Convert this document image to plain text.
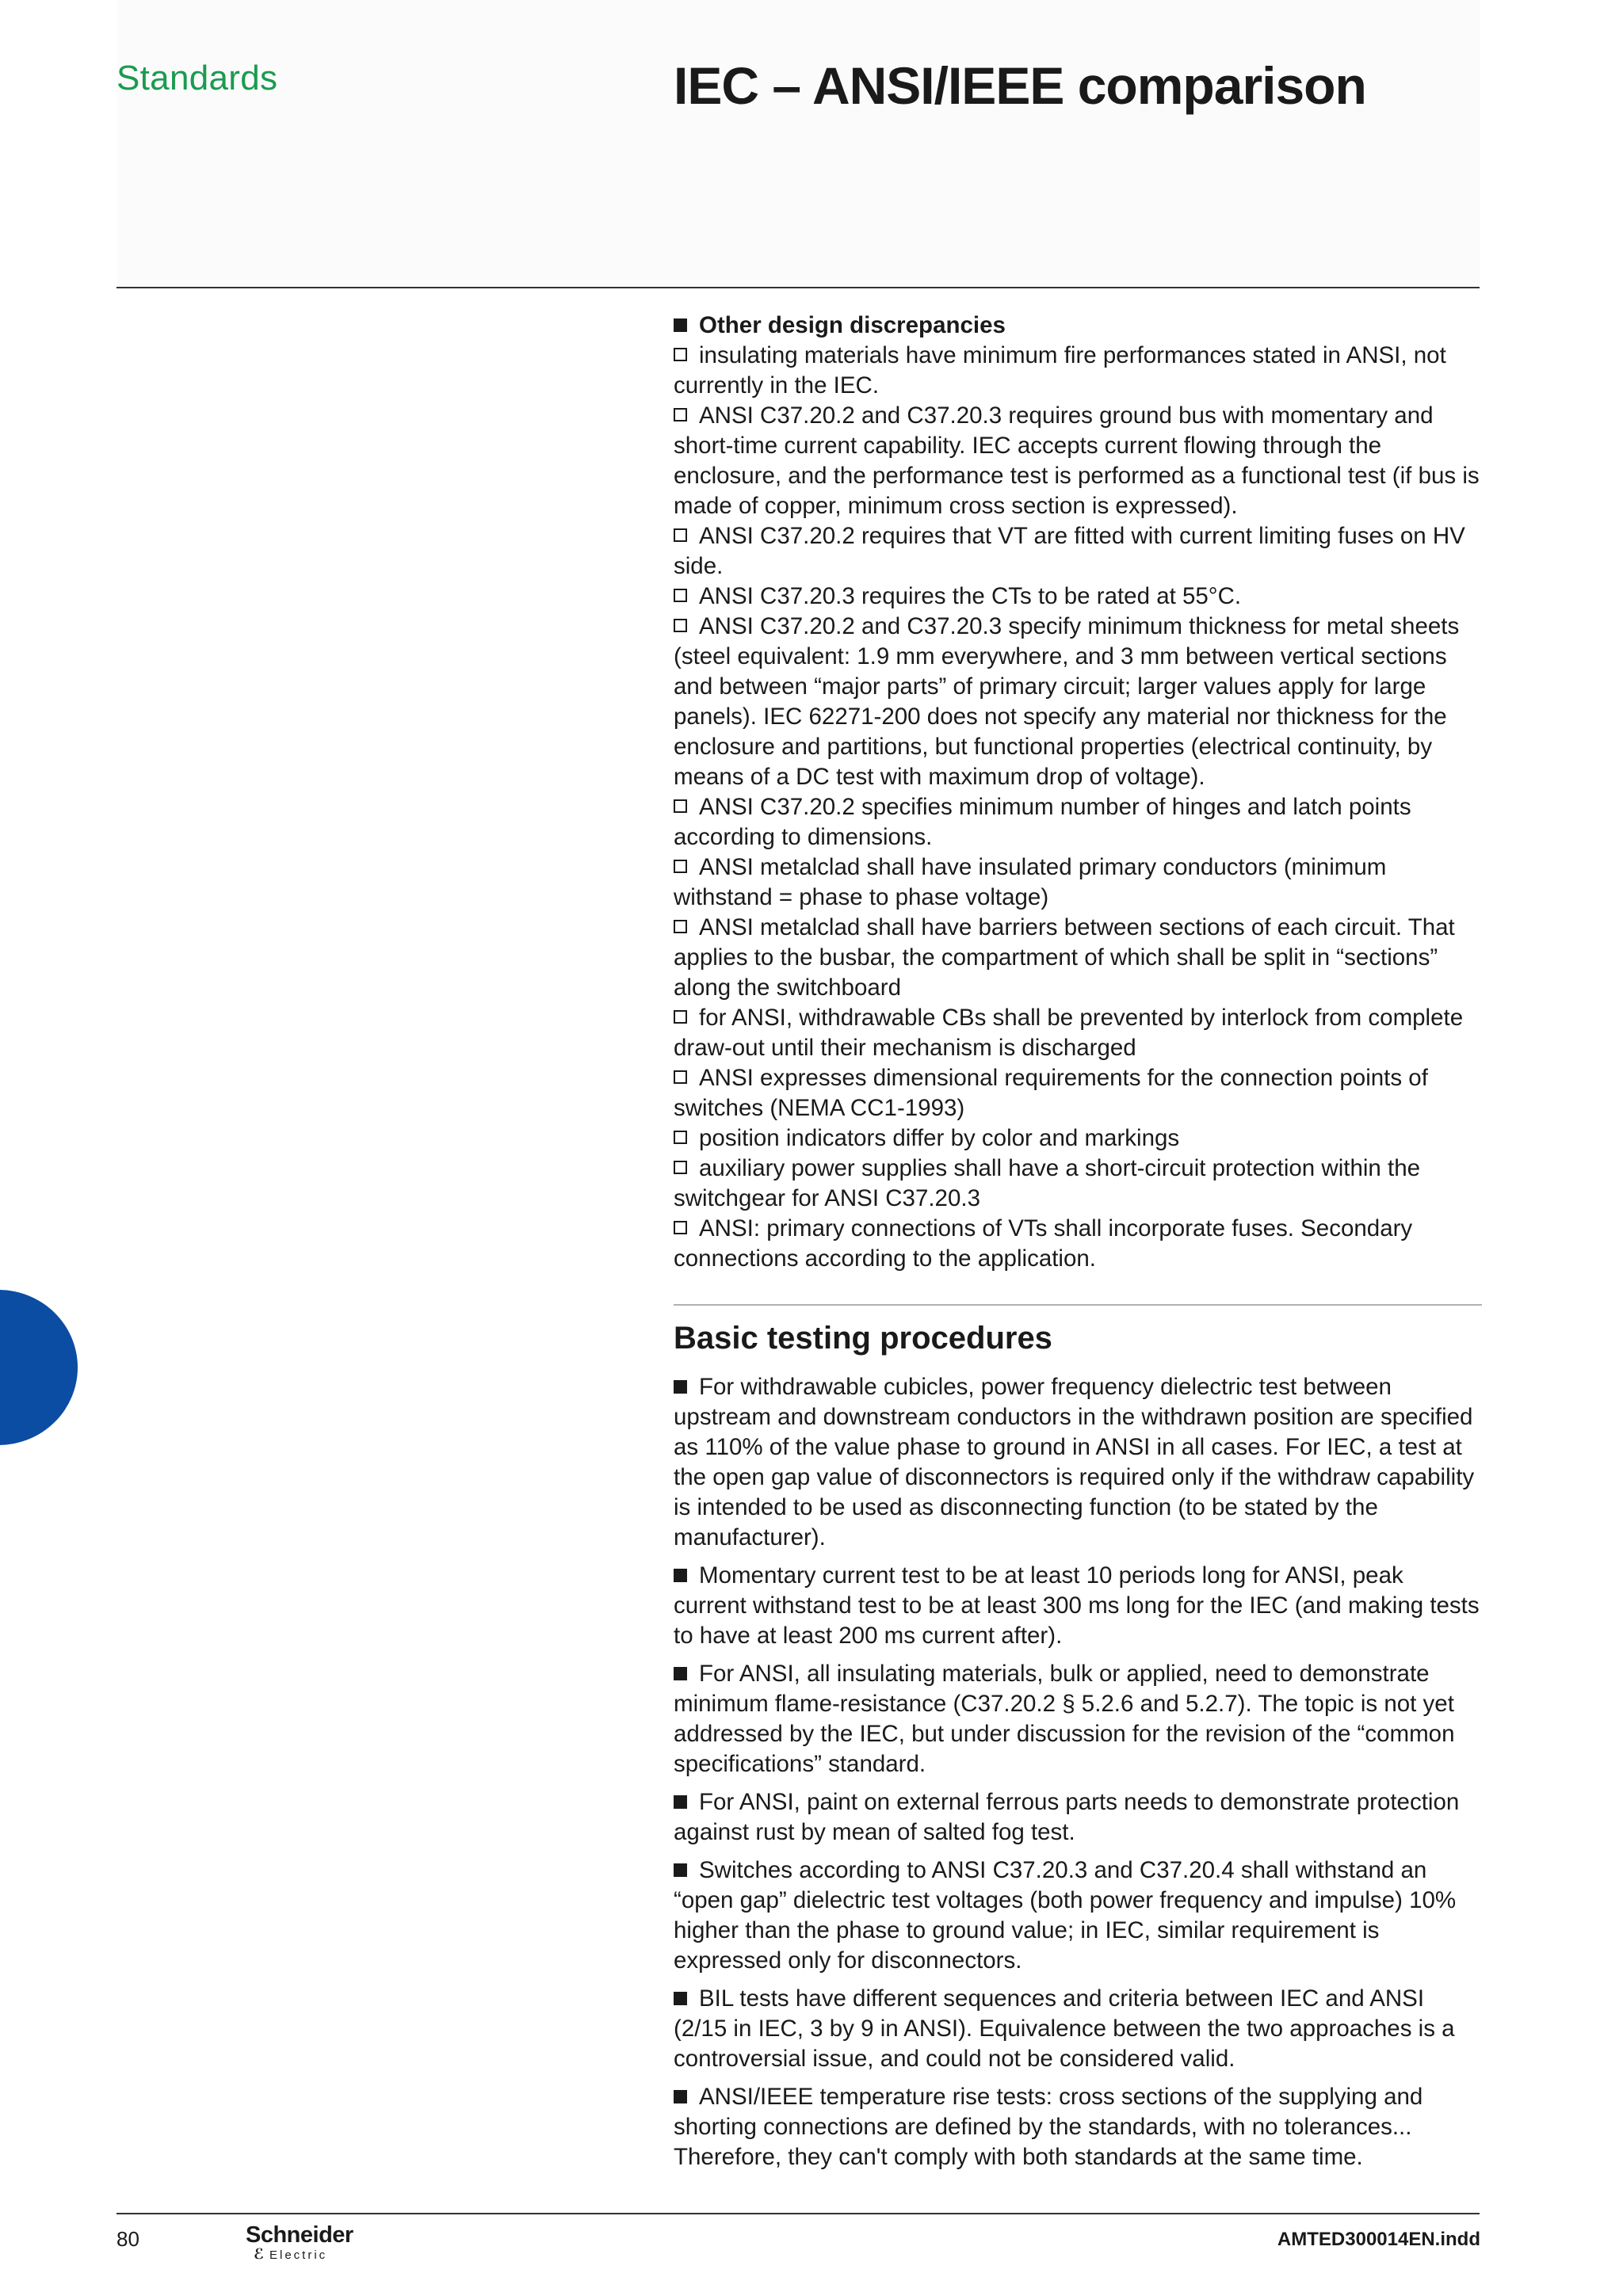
Standards	IEC – ANSI/IEEE comparison

Other design discrepancies

insulating materials have minimum fire performances stated in ANSI, not currently in the IEC.
ANSI C37.20.2 and C37.20.3 requires ground bus with momentary and short-time current capability. IEC accepts current flowing through the enclosure, and the performance test is performed as a functional test (if bus is made of copper, minimum cross section is expressed).
ANSI C37.20.2 requires that VT are fitted with current limiting fuses on HV side.
ANSI C37.20.3 requires the CTs to be rated at 55°C.
ANSI C37.20.2 and C37.20.3 specify minimum thickness for metal sheets (steel equivalent: 1.9 mm everywhere, and 3 mm between vertical sections and between “major parts” of primary circuit; larger values apply for large panels). IEC 62271-200 does not specify any material nor thickness for the enclosure and partitions, but functional properties (electrical continuity, by means of a DC test with maximum drop of voltage).
ANSI C37.20.2 specifies minimum number of hinges and latch points according to dimensions.
ANSI metalclad shall have insulated primary conductors (minimum withstand = phase to phase voltage)
ANSI metalclad shall have barriers between sections of each circuit. That applies to the busbar, the compartment of which shall be split in “sections” along the switchboard
for ANSI, withdrawable CBs shall be prevented by interlock from complete draw-out until their mechanism is discharged
ANSI expresses dimensional requirements for the connection points of switches (NEMA CC1-1993)
position indicators differ by color and markings
auxiliary power supplies shall have a short-circuit protection within the switchgear for ANSI C37.20.3
ANSI: primary connections of VTs shall incorporate fuses. Secondary connections according to the application.
Basic testing procedures
For withdrawable cubicles, power frequency dielectric test between upstream and downstream conductors in the withdrawn position are specified as 110% of the value phase to ground in ANSI in all cases. For IEC, a test at the open gap value of disconnectors is required only if the withdraw capability is intended to be used as disconnecting function (to be stated by the manufacturer).
Momentary current test to be at least 10 periods long for ANSI, peak current withstand test to be at least 300 ms long for the IEC (and making tests to have at least 200 ms current after).
For ANSI, all insulating materials, bulk or applied, need to demonstrate minimum flame-resistance (C37.20.2 § 5.2.6 and 5.2.7). The topic is not yet addressed by the IEC, but under discussion for the revision of the “common specifications” standard.
For ANSI, paint on external ferrous parts needs to demonstrate protection against rust by mean of salted fog test.
Switches according to ANSI C37.20.3 and C37.20.4 shall withstand an “open gap” dielectric test voltages (both power frequency and impulse) 10% higher than the phase to ground value; in IEC, similar requirement is expressed only for disconnectors.
BIL tests have different sequences and criteria between IEC and ANSI (2/15 in IEC, 3 by 9 in ANSI). Equivalence between the two approaches is a controversial issue, and could not be considered valid.
ANSI/IEEE temperature rise tests: cross sections of the supplying and shorting connections are defined by the standards, with no tolerances... Therefore, they can't comply with both standards at the same time.
80	Schneider
ℰ Electric
AMTED300014EN.indd
